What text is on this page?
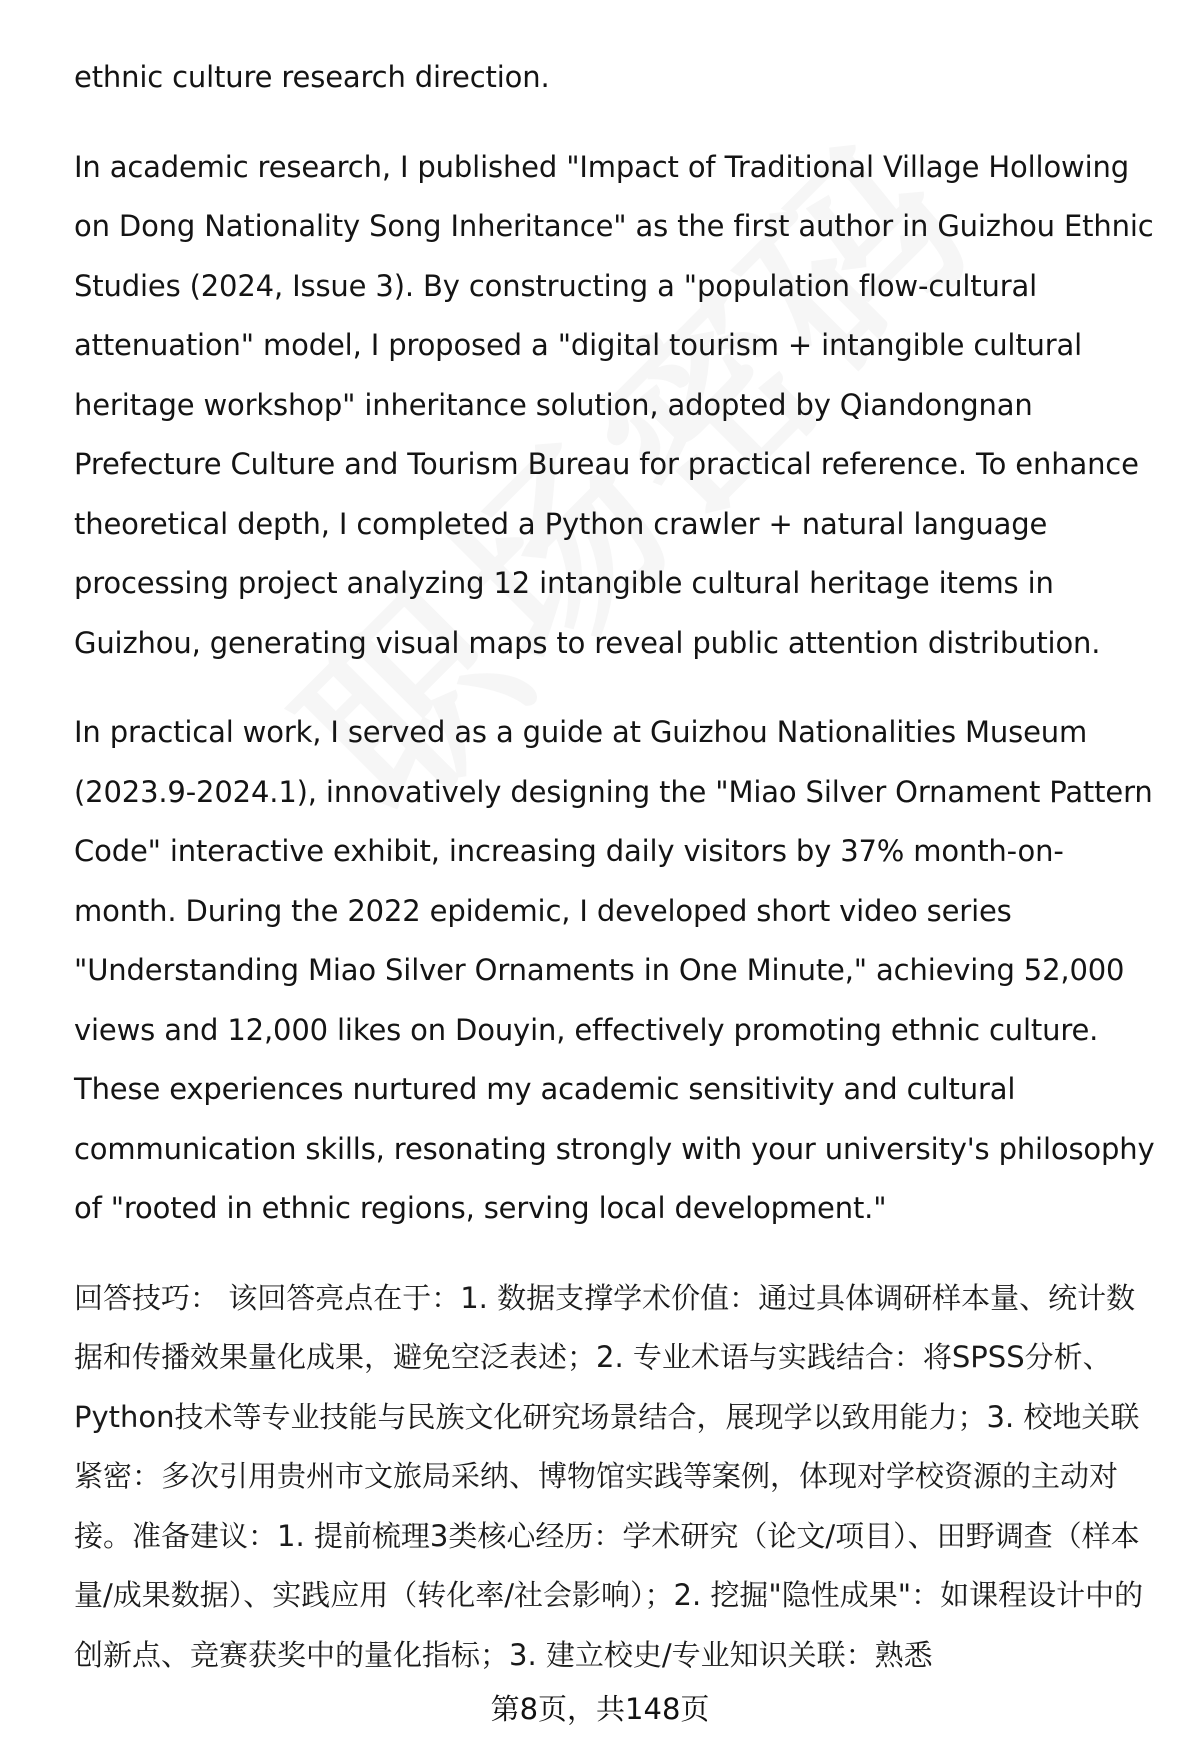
ethnic culture research direction.

In academic research, I published "Impact of Traditional Village Hollowing on Dong Nationality Song Inheritance" as the first author in Guizhou Ethnic Studies (2024, Issue 3). By constructing a "population flow-cultural attenuation" model, I proposed a "digital tourism + intangible cultural heritage workshop" inheritance solution, adopted by Qiandongnan Prefecture Culture and Tourism Bureau for practical reference. To enhance theoretical depth, I completed a Python crawler + natural language processing project analyzing 12 intangible cultural heritage items in Guizhou, generating visual maps to reveal public attention distribution.

In practical work, I served as a guide at Guizhou Nationalities Museum (2023.9-2024.1), innovatively designing the "Miao Silver Ornament Pattern Code" interactive exhibit, increasing daily visitors by 37% month-on-month. During the 2022 epidemic, I developed short video series "Understanding Miao Silver Ornaments in One Minute," achieving 52,000 views and 12,000 likes on Douyin, effectively promoting ethnic culture. These experiences nurtured my academic sensitivity and cultural communication skills, resonating strongly with your university's philosophy of "rooted in ethnic regions, serving local development."

回答技巧： 该回答亮点在于：1. 数据支撑学术价值：通过具体调研样本量、统计数据和传播效果量化成果，避免空泛表述；2. 专业术语与实践结合：将SPSS分析、Python技术等专业技能与民族文化研究场景结合，展现学以致用能力；3. 校地关联紧密：多次引用贵州市文旅局采纳、博物馆实践等案例，体现对学校资源的主动对接。准备建议：1. 提前梳理3类核心经历：学术研究（论文/项目）、田野调查（样本量/成果数据）、实践应用（转化率/社会影响）；2. 挖掘"隐性成果"：如课程设计中的创新点、竞赛获奖中的量化指标；3. 建立校史/专业知识关联：熟悉

第8页，共148页
